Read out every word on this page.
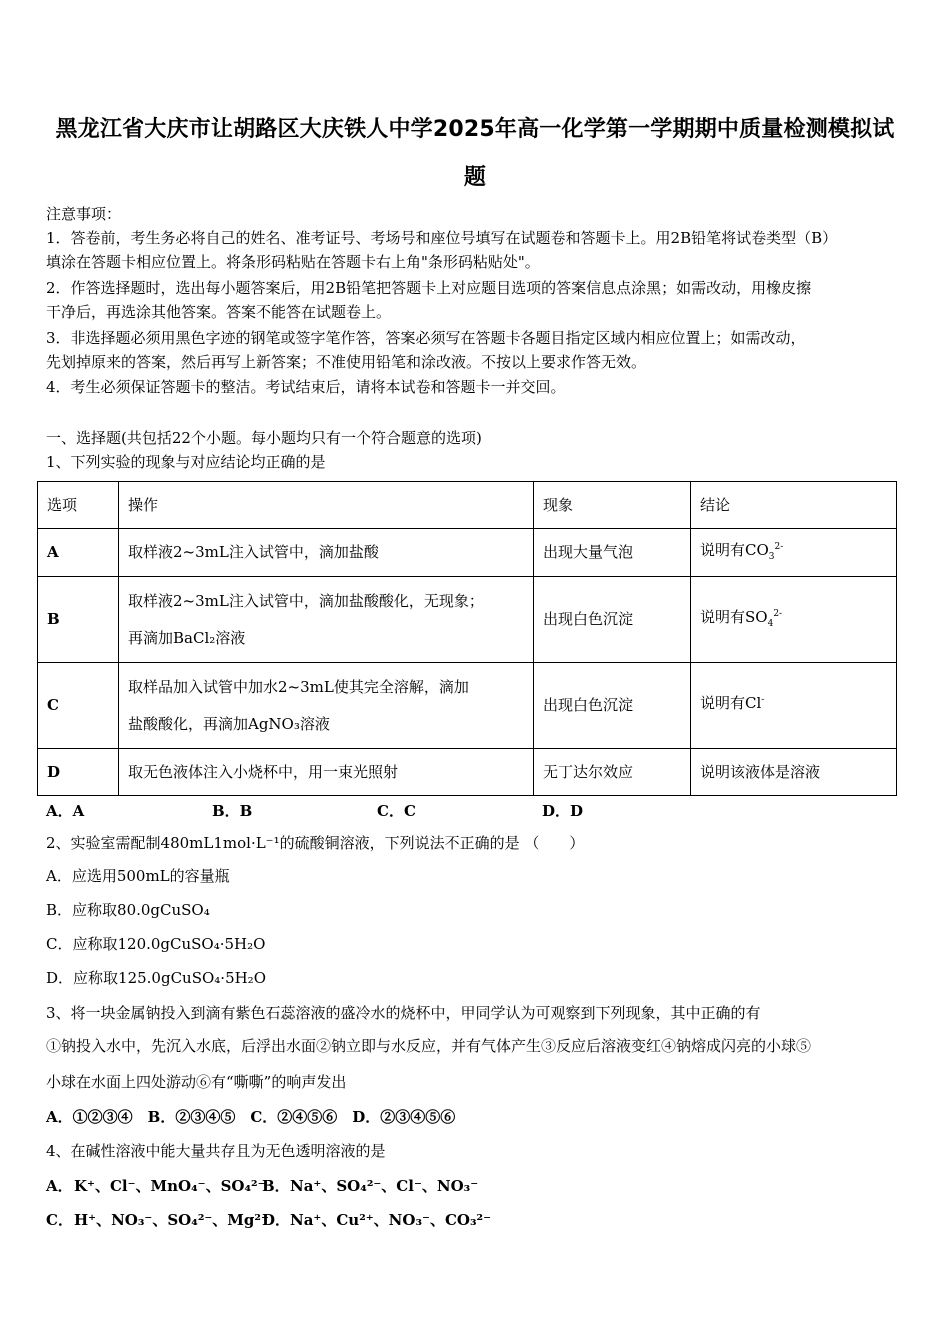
黑龙江省大庆市让胡路区大庆铁人中学2025年高一化学第一学期期中质量检测模拟试
题
注意事项：
1．答卷前，考生务必将自己的姓名、准考证号、考场号和座位号填写在试题卷和答题卡上。用2B铅笔将试卷类型（B）
填涂在答题卡相应位置上。将条形码粘贴在答题卡右上角"条形码粘贴处"。
2．作答选择题时，选出每小题答案后，用2B铅笔把答题卡上对应题目选项的答案信息点涂黑；如需改动，用橡皮擦
干净后，再选涂其他答案。答案不能答在试题卷上。
3．非选择题必须用黑色字迹的钢笔或签字笔作答，答案必须写在答题卡各题目指定区域内相应位置上；如需改动，
先划掉原来的答案，然后再写上新答案；不准使用铅笔和涂改液。不按以上要求作答无效。
4．考生必须保证答题卡的整洁。考试结束后，请将本试卷和答题卡一并交回。
一、选择题(共包括22个小题。每小题均只有一个符合题意的选项)
1、下列实验的现象与对应结论均正确的是
选项	操作	现象	结论
A	取样液2~3mL注入试管中，滴加盐酸	出现大量气泡	说明有$CO_3^{2-}$
B	取样液2~3mL注入试管中，滴加盐酸酸化，无现象；
再滴加BaCl₂溶液	出现白色沉淀	说明有$SO_4^{2-}$
C	取样品加入试管中加水2~3mL使其完全溶解，滴加
盐酸酸化，再滴加AgNO₃溶液	出现白色沉淀	说明有Cl-
D	取无色液体注入小烧杯中，用一束光照射	无丁达尔效应	说明该液体是溶液
A．A	B．B	C．C	D．D
2、实验室需配制480mL1mol·L⁻¹的硫酸铜溶液，下列说法不正确的是 （　　）
A．应选用500mL的容量瓶
B．应称取80.0gCuSO₄
C．应称取120.0gCuSO₄·5H₂O
D．应称取125.0gCuSO₄·5H₂O
3、将一块金属钠投入到滴有紫色石蕊溶液的盛冷水的烧杯中，甲同学认为可观察到下列现象，其中正确的有
①钠投入水中，先沉入水底，后浮出水面②钠立即与水反应，并有气体产生③反应后溶液变红④钠熔成闪亮的小球⑤
小球在水面上四处游动⑥有“嘶嘶”的响声发出
A．①②③④　B．②③④⑤　C．②④⑤⑥　D．②③④⑤⑥
4、在碱性溶液中能大量共存且为无色透明溶液的是
A． K⁺、Cl⁻、MnO₄⁻、SO₄²⁻
B． Na⁺、SO₄²⁻、Cl⁻、NO₃⁻
C． H⁺、NO₃⁻、SO₄²⁻、Mg²⁺
D． Na⁺、Cu²⁺、NO₃⁻、CO₃²⁻
